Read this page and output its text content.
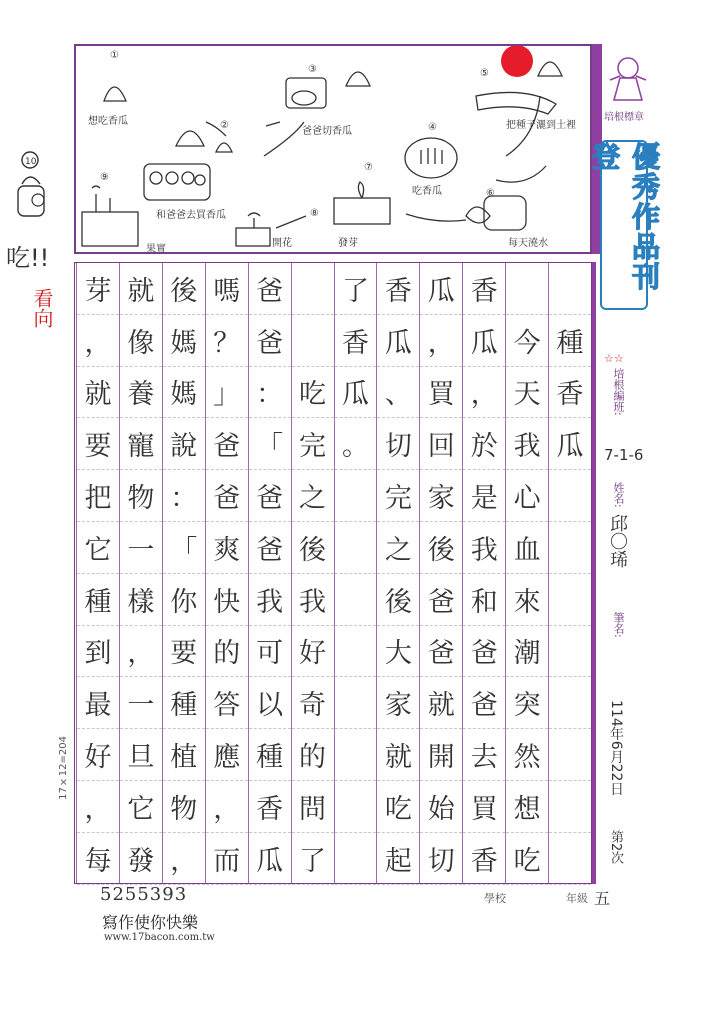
10
吃!!
看向
①
想吃香瓜	②
和爸爸去買香瓜
③
爸爸切香瓜	④
吃香瓜
⑤
把種子灑到土裡
⑥
每天澆水
⑦
發芽
⑧
開花
⑨
果實
培根標章
優秀作品刊登
☆☆
培根編班:
7-1-6
姓名:
邱〇琋
筆名:
114年6月22日
第2次
種
香
瓜
今
天
我
心
血
來
潮
突
然
想
吃
香
瓜
，
於
是
我
和
爸
爸
去
買
香
瓜
，
買
回
家
後
爸
爸
就
開
始
切
香
瓜
、
切
完
之
後
大
家
就
吃
起
了
香
瓜
。
吃
完
之
後
我
好
奇
的
問
了
爸
爸
：
「
爸
爸
我
可
以
種
香
瓜
嗎
？
」
爸
爸
爽
快
的
答
應
，
而
後
媽
媽
說
：
「
你
要
種
植
物
，
就
像
養
寵
物
一
樣
，
一
旦
它
發
芽
，
就
要
把
它
種
到
最
好
，
每
17×12=204
學校	年級 五
5255393
寫作使你快樂
www.17bacon.com.tw
